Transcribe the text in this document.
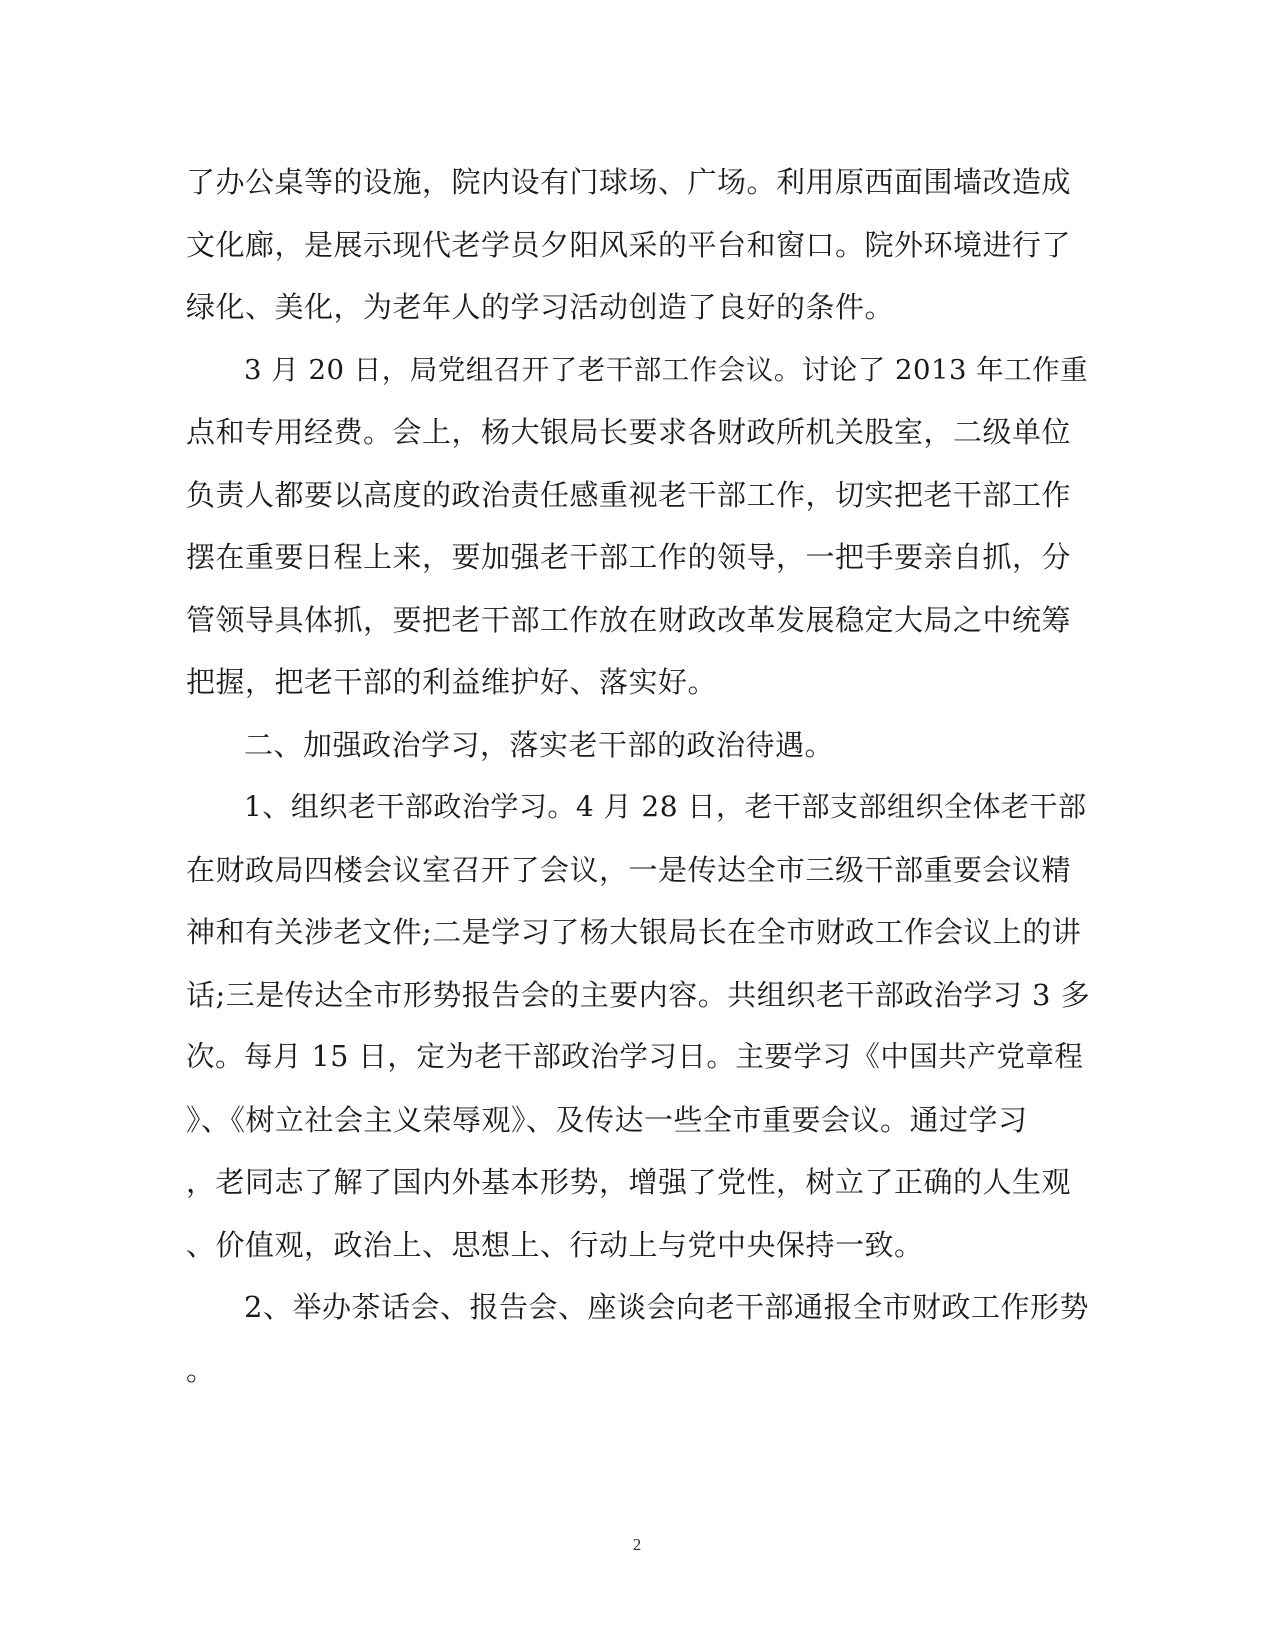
了办公桌等的设施，院内设有门球场、广场。利用原西面围墙改造成
文化廊，是展示现代老学员夕阳风采的平台和窗口。院外环境进行了
绿化、美化，为老年人的学习活动创造了良好的条件。
3 月 20 日，局党组召开了老干部工作会议。讨论了 2013 年工作重
点和专用经费。会上，杨大银局长要求各财政所机关股室，二级单位
负责人都要以高度的政治责任感重视老干部工作，切实把老干部工作
摆在重要日程上来，要加强老干部工作的领导，一把手要亲自抓，分
管领导具体抓，要把老干部工作放在财政改革发展稳定大局之中统筹
把握，把老干部的利益维护好、落实好。
二、加强政治学习，落实老干部的政治待遇。
1、组织老干部政治学习。4 月 28 日，老干部支部组织全体老干部
在财政局四楼会议室召开了会议，一是传达全市三级干部重要会议精
神和有关涉老文件;二是学习了杨大银局长在全市财政工作会议上的讲
话;三是传达全市形势报告会的主要内容。共组织老干部政治学习 3 多
次。每月 15 日，定为老干部政治学习日。主要学习《中国共产党章程
》、《树立社会主义荣辱观》、及传达一些全市重要会议。通过学习
，老同志了解了国内外基本形势，增强了党性，树立了正确的人生观
、价值观，政治上、思想上、行动上与党中央保持一致。
2、举办茶话会、报告会、座谈会向老干部通报全市财政工作形势
。
2
